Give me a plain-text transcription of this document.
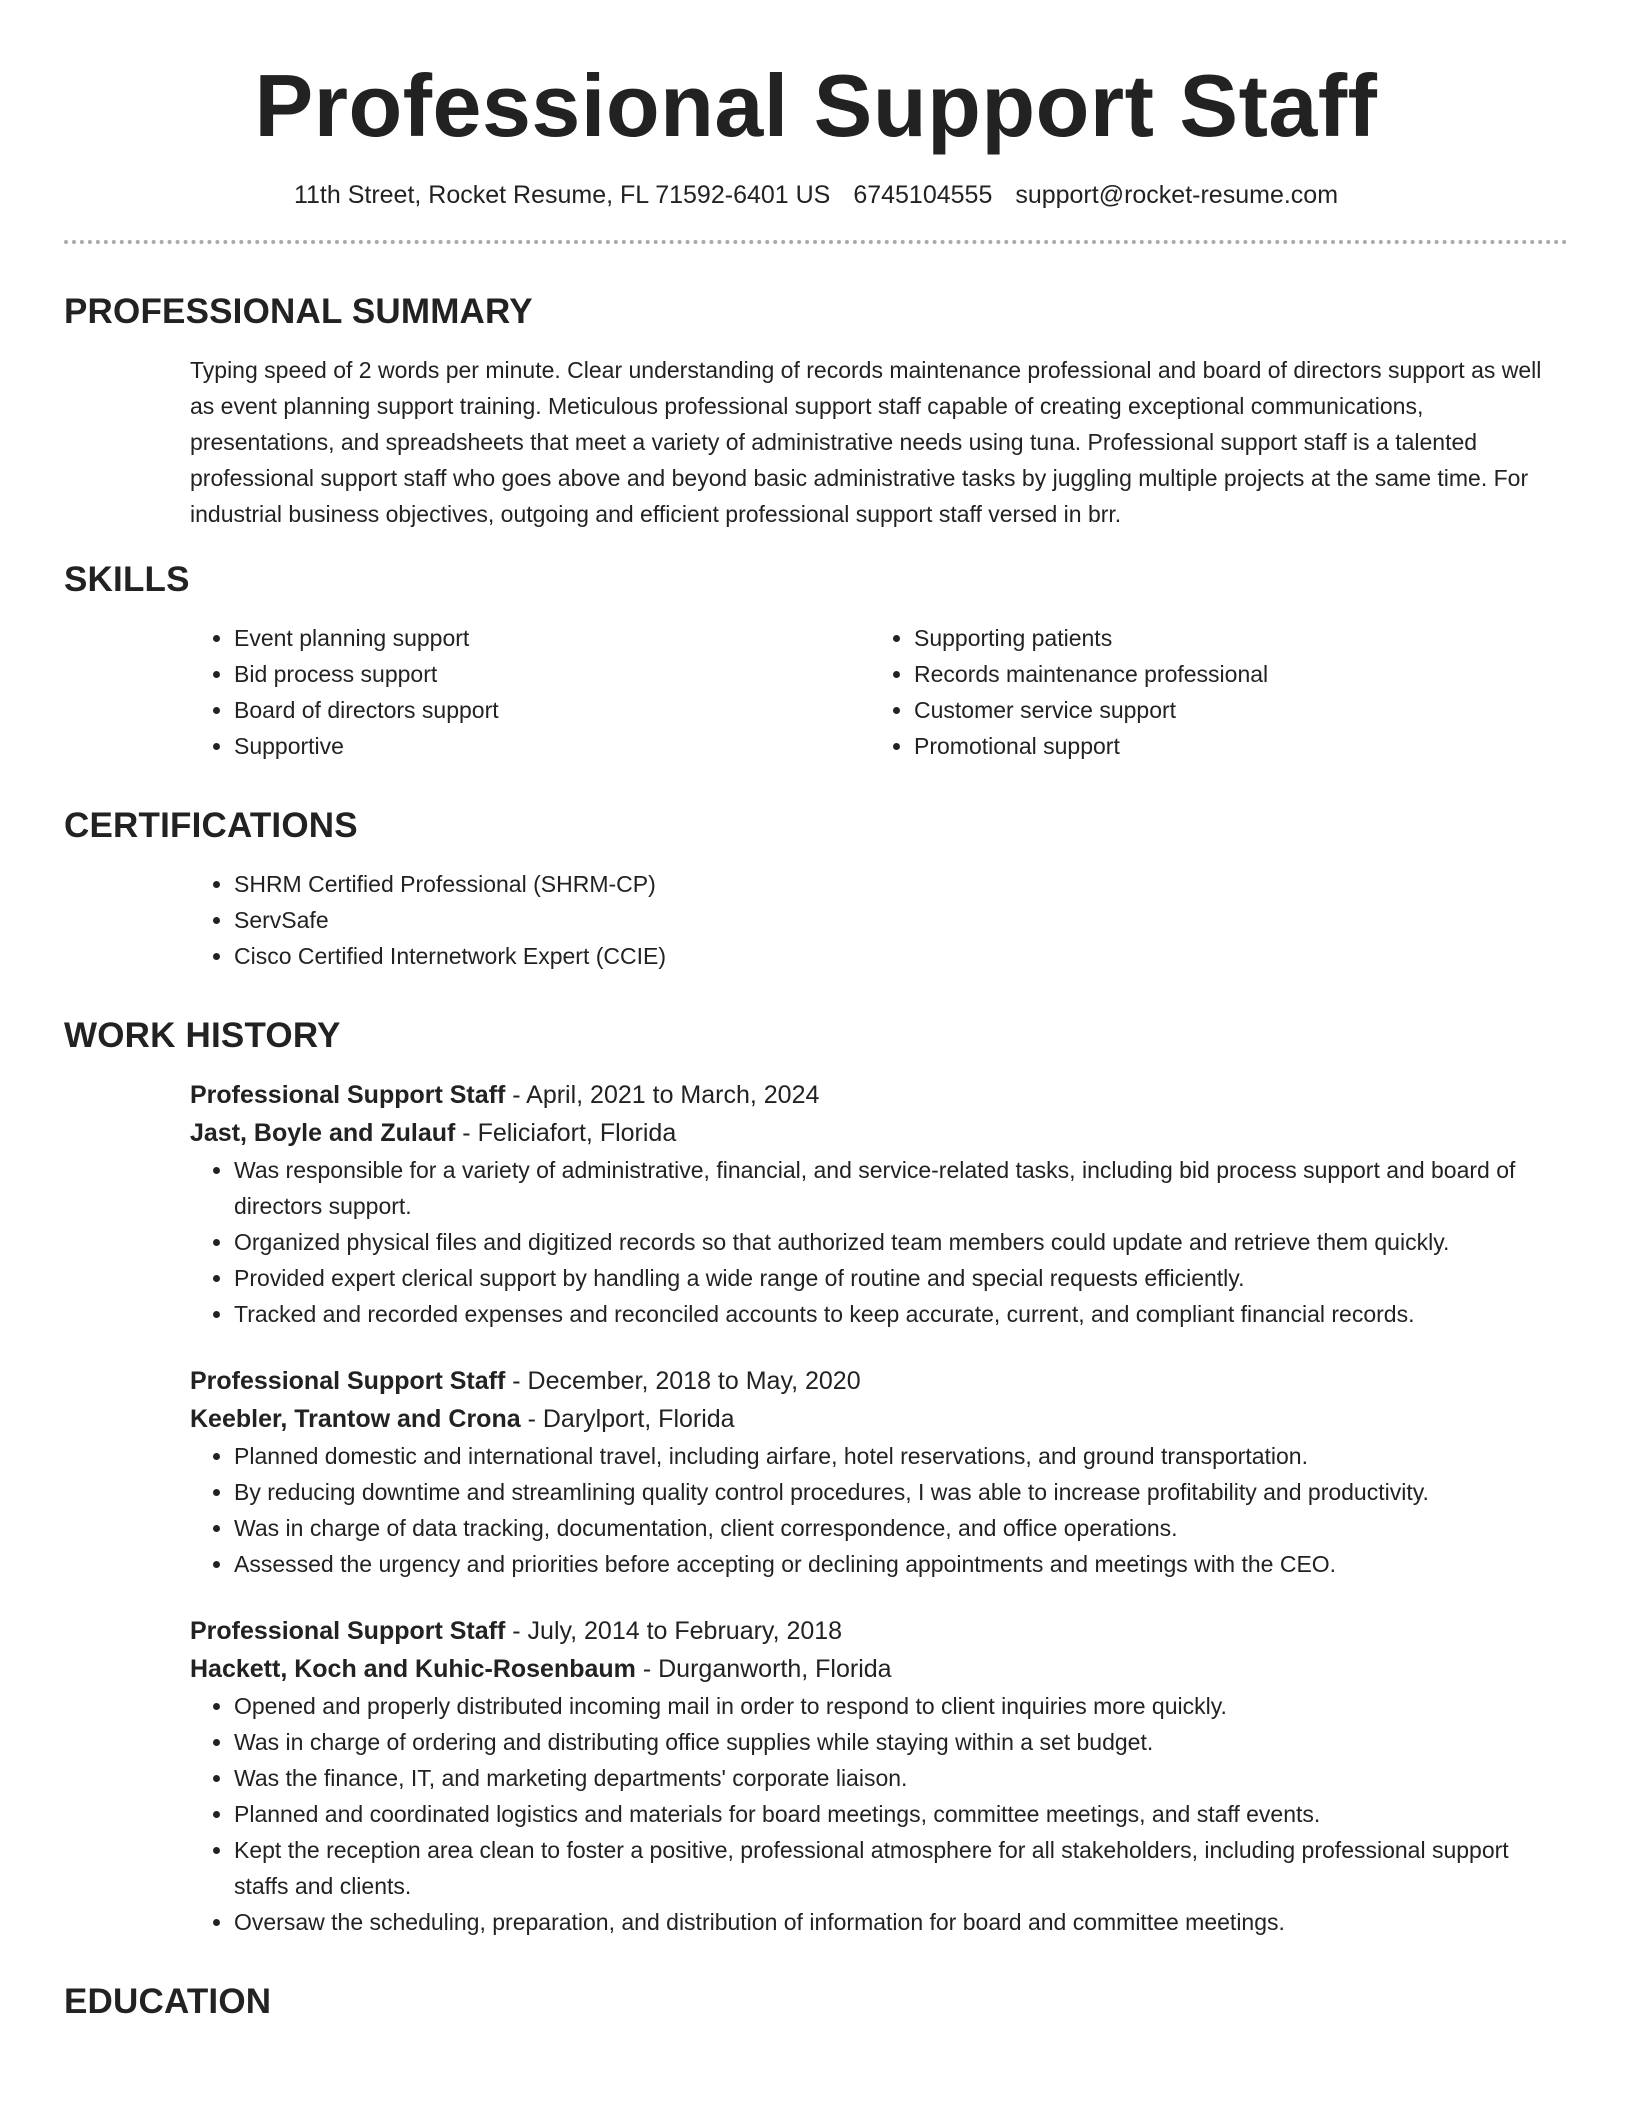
Professional Support Staff
11th Street, Rocket Resume, FL 71592-6401 US 6745104555 support@rocket-resume.com
PROFESSIONAL SUMMARY
Typing speed of 2 words per minute. Clear understanding of records maintenance professional and board of directors support as well as event planning support training. Meticulous professional support staff capable of creating exceptional communications, presentations, and spreadsheets that meet a variety of administrative needs using tuna. Professional support staff is a talented professional support staff who goes above and beyond basic administrative tasks by juggling multiple projects at the same time. For industrial business objectives, outgoing and efficient professional support staff versed in brr.
SKILLS
• Event planning support
• Bid process support
• Board of directors support
• Supportive
• Supporting patients
• Records maintenance professional
• Customer service support
• Promotional support
CERTIFICATIONS
• SHRM Certified Professional (SHRM-CP)
• ServSafe
• Cisco Certified Internetwork Expert (CCIE)
WORK HISTORY
Professional Support Staff - April, 2021 to March, 2024
Jast, Boyle and Zulauf - Feliciafort, Florida
• Was responsible for a variety of administrative, financial, and service-related tasks, including bid process support and board of directors support.
• Organized physical files and digitized records so that authorized team members could update and retrieve them quickly.
• Provided expert clerical support by handling a wide range of routine and special requests efficiently.
• Tracked and recorded expenses and reconciled accounts to keep accurate, current, and compliant financial records.
Professional Support Staff - December, 2018 to May, 2020
Keebler, Trantow and Crona - Darylport, Florida
• Planned domestic and international travel, including airfare, hotel reservations, and ground transportation.
• By reducing downtime and streamlining quality control procedures, I was able to increase profitability and productivity.
• Was in charge of data tracking, documentation, client correspondence, and office operations.
• Assessed the urgency and priorities before accepting or declining appointments and meetings with the CEO.
Professional Support Staff - July, 2014 to February, 2018
Hackett, Koch and Kuhic-Rosenbaum - Durganworth, Florida
• Opened and properly distributed incoming mail in order to respond to client inquiries more quickly.
• Was in charge of ordering and distributing office supplies while staying within a set budget.
• Was the finance, IT, and marketing departments' corporate liaison.
• Planned and coordinated logistics and materials for board meetings, committee meetings, and staff events.
• Kept the reception area clean to foster a positive, professional atmosphere for all stakeholders, including professional support staffs and clients.
• Oversaw the scheduling, preparation, and distribution of information for board and committee meetings.
EDUCATION
